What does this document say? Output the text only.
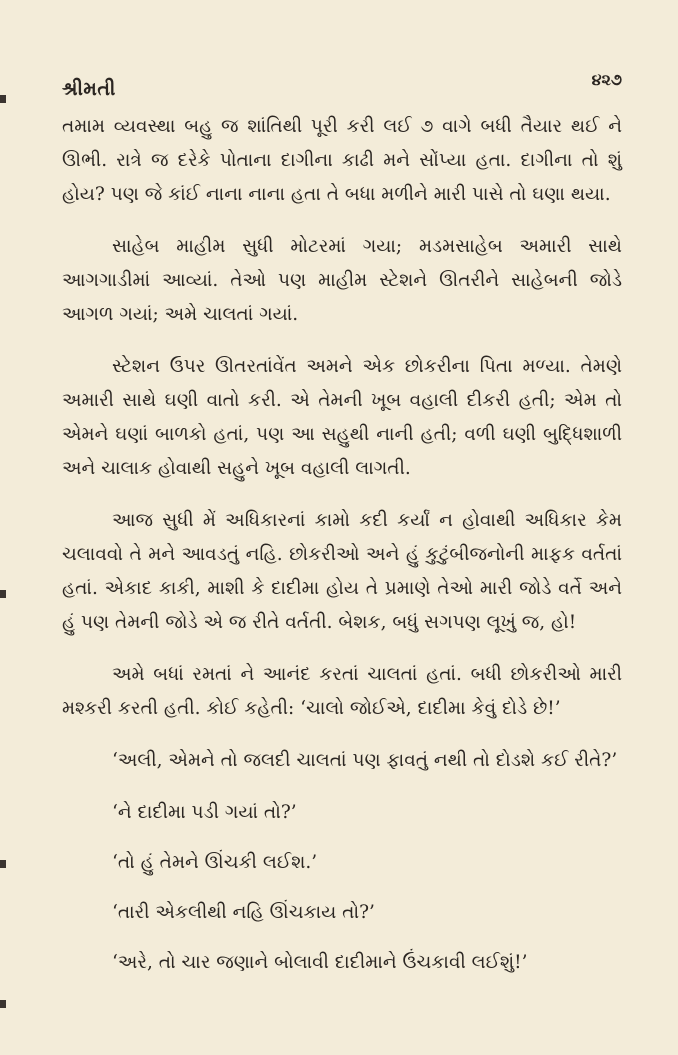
શ્રીમતી	૪૨૭

તમામ વ્યવસ્થા બહુ જ શાંતિથી પૂરી કરી લઈ ૭ વાગે બધી તૈયાર થઈ ને ઊભી. રાત્રે જ દરેકે પોતાના દાગીના કાઢી મને સોંપ્યા હતા. દાગીના તો શું હોય? પણ જે કાંઈ નાના નાના હતા તે બધા મળીને મારી પાસે તો ઘણા થયા.

સાહેબ માહીમ સુધી મોટરમાં ગયા; મડમસાહેબ અમારી સાથે આગગાડીમાં આવ્યાં. તેઓ પણ માહીમ સ્ટેશને ઊતરીને સાહેબની જોડે આગળ ગયાં; અમે ચાલતાં ગયાં.

સ્ટેશન ઉપર ઊતરતાંવેંત અમને એક છોકરીના પિતા મળ્યા. તેમણે અમારી સાથે ઘણી વાતો કરી. એ તેમની ખૂબ વહાલી દીકરી હતી; એમ તો એમને ઘણાં બાળકો હતાં, પણ આ સહુથી નાની હતી; વળી ઘણી બુદ્ધિશાળી અને ચાલાક હોવાથી સહુને ખૂબ વહાલી લાગતી.

આજ સુધી મેં અધિકારનાં કામો કદી કર્યાં ન હોવાથી અધિકાર કેમ ચલાવવો તે મને આવડતું નહિ. છોકરીઓ અને હું કુટુંબીજનોની માફક વર્તતાં હતાં. એકાદ કાકી, માશી કે દાદીમા હોય તે પ્રમાણે તેઓ મારી જોડે વર્તે અને હું પણ તેમની જોડે એ જ રીતે વર્તતી. બેશક, બધું સગપણ લૂખું જ, હો!

અમે બધાં રમતાં ને આનંદ કરતાં ચાલતાં હતાં. બધી છોકરીઓ મારી મશ્કરી કરતી હતી. કોઈ કહેતી: ‘ચાલો જોઈએ, દાદીમા કેવું દોડે છે!’

‘અલી, એમને તો જલદી ચાલતાં પણ ફાવતું નથી તો દોડશે કઈ રીતે?’

‘ને દાદીમા પડી ગયાં તો?’

‘તો હું તેમને ઊંચકી લઈશ.’

‘તારી એકલીથી નહિ ઊંચકાય તો?’

‘અરે, તો ચાર જણાને બોલાવી દાદીમાને ઉંચકાવી લઈશું!’
